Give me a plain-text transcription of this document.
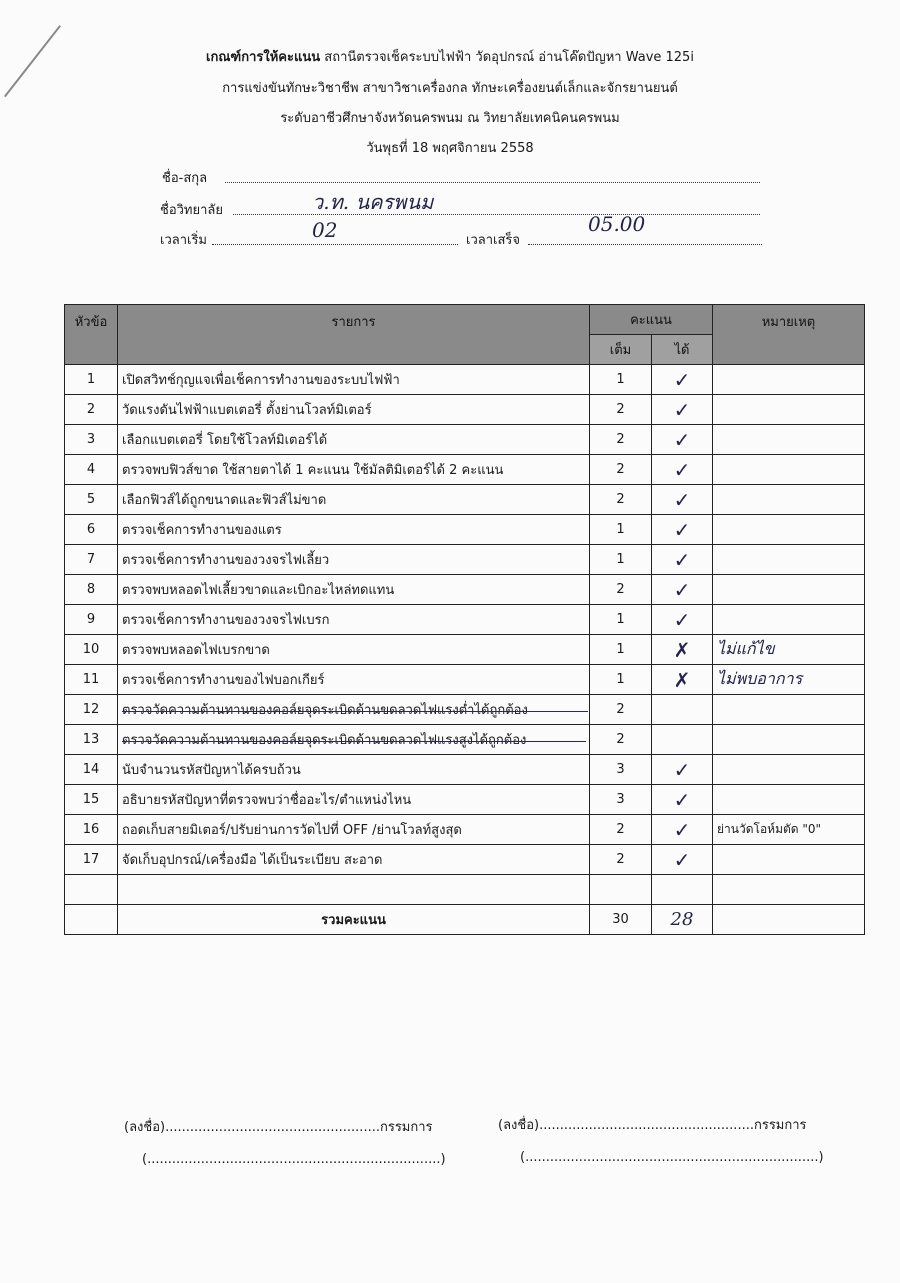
เกณฑ์การให้คะแนน สถานีตรวจเช็คระบบไฟฟ้า วัดอุปกรณ์ อ่านโค๊ดปัญหา Wave 125i
การแข่งขันทักษะวิชาชีพ สาขาวิชาเครื่องกล ทักษะเครื่องยนต์เล็กและจักรยานยนต์
ระดับอาชีวศึกษาจังหวัดนครพนม ณ วิทยาลัยเทคนิคนครพนม
วันพุธที่ 18 พฤศจิกายน 2558
ชื่อ-สกุล
ชื่อวิทยาลัย	ว.ท. นครพนม
เวลาเริ่ม	02	เวลาเสร็จ
05.00
หัวข้อ	รายการ	คะแนน		หมายเหตุ
		เต็ม	ได้	
1	เปิดสวิทช์กุญแจเพื่อเช็คการทำงานของระบบไฟฟ้า	1	✓	
2	วัดแรงดันไฟฟ้าแบตเตอรี่ ตั้งย่านโวลท์มิเตอร์	2	✓	
3	เลือกแบตเตอรี่ โดยใช้โวลท์มิเตอร์ได้	2	✓	
4	ตรวจพบฟิวส์ขาด ใช้สายตาได้ 1 คะแนน ใช้มัลติมิเตอร์ได้ 2 คะแนน	2	✓	
5	เลือกฟิวส์ได้ถูกขนาดและฟิวส์ไม่ขาด	2	✓	
6	ตรวจเช็คการทำงานของแตร	1	✓	
7	ตรวจเช็คการทำงานของวงจรไฟเลี้ยว	1	✓	
8	ตรวจพบหลอดไฟเลี้ยวขาดและเบิกอะไหล่ทดแทน	2	✓	
9	ตรวจเช็คการทำงานของวงจรไฟเบรก	1	✓	
10	ตรวจพบหลอดไฟเบรกขาด	1	✗	ไม่แก้ไข
11	ตรวจเช็คการทำงานของไฟบอกเกียร์	1	✗	ไม่พบอาการ
12	ตรวจวัดความต้านทานของคอล์ยจุดระเบิดด้านขดลวดไฟแรงต่ำได้ถูกต้อง	2		
13	ตรวจวัดความต้านทานของคอล์ยจุดระเบิดด้านขดลวดไฟแรงสูงได้ถูกต้อง	2		
14	นับจำนวนรหัสปัญหาได้ครบถ้วน	3	✓	
15	อธิบายรหัสปัญหาที่ตรวจพบว่าชื่ออะไร/ตำแหน่งไหน	3	✓	
16	ถอดเก็บสายมิเตอร์/ปรับย่านการวัดไปที่ OFF /ย่านโวลท์สูงสุด	2	✓	ย่านวัดโอห์มตัด "0"
17	จัดเก็บอุปกรณ์/เครื่องมือ ได้เป็นระเบียบ สะอาด	2	✓	

	รวมคะแนน	30	28	
(ลงชื่อ)....................................................กรรมการ
(.......................................................................)
(ลงชื่อ)....................................................กรรมการ
(.......................................................................)
